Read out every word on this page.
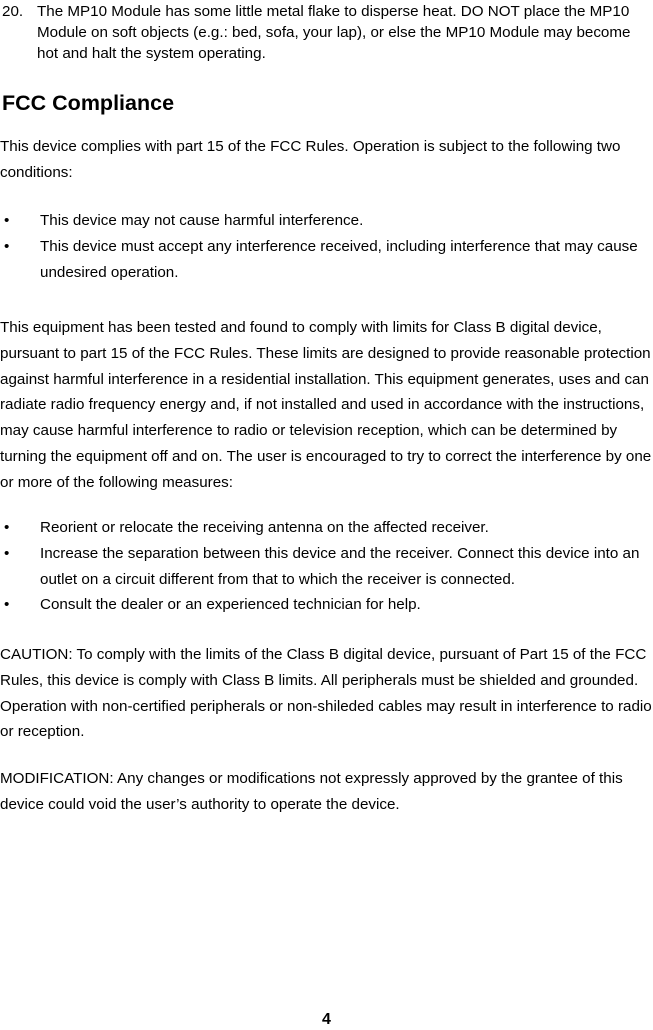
20. The MP10 Module has some little metal flake to disperse heat. DO NOT place the MP10 Module on soft objects (e.g.: bed, sofa, your lap), or else the MP10 Module may become hot and halt the system operating.
FCC Compliance
This device complies with part 15 of the FCC Rules. Operation is subject to the following two conditions:
• This device may not cause harmful interference.
• This device must accept any interference received, including interference that may cause undesired operation.
This equipment has been tested and found to comply with limits for Class B digital device, pursuant to part 15 of the FCC Rules. These limits are designed to provide reasonable protection against harmful interference in a residential installation. This equipment generates, uses and can radiate radio frequency energy and, if not installed and used in accordance with the instructions, may cause harmful interference to radio or television reception, which can be determined by turning the equipment off and on. The user is encouraged to try to correct the interference by one or more of the following measures:
• Reorient or relocate the receiving antenna on the affected receiver.
• Increase the separation between this device and the receiver. Connect this device into an outlet on a circuit different from that to which the receiver is connected.
• Consult the dealer or an experienced technician for help.
CAUTION: To comply with the limits of the Class B digital device, pursuant of Part 15 of the FCC Rules, this device is comply with Class B limits. All peripherals must be shielded and grounded. Operation with non-certified peripherals or non-shileded cables may result in interference to radio or reception.
MODIFICATION: Any changes or modifications not expressly approved by the grantee of this device could void the user’s authority to operate the device.
4
